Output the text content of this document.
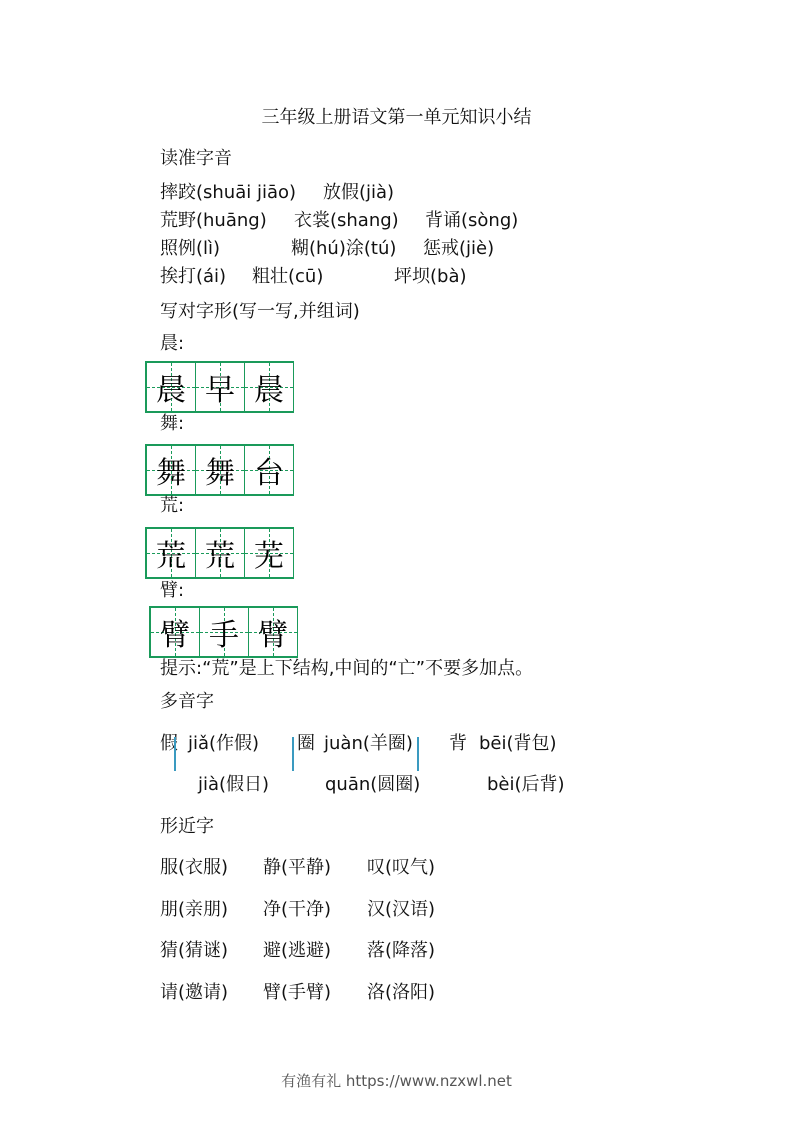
三年级上册语文第一单元知识小结
读准字音
摔跤(shuāi jiāo) 放假(jià)
荒野(huāng) 衣裳(shang) 背诵(sòng)
照例(lì)	糊(hú)涂(tú) 惩戒(jiè)
挨打(ái) 粗壮(cū)	坪坝(bà)
写对字形(写一写,并组词)
晨:
晨 早 晨
舞:
舞 舞 台
荒:
荒 荒 芜
臂:
臂 手 臂
提示:“荒”是上下结构,中间的“亡”不要多加点。
多音字
假 jiǎ(作假)
jià(假日)
圈 juàn(羊圈)
quān(圆圈)
背 bēi(背包)
bèi(后背)
形近字
服(衣服) 静(平静) 叹(叹气)
朋(亲朋) 净(干净) 汉(汉语)
猜(猜谜) 避(逃避) 落(降落)
请(邀请) 臂(手臂) 洛(洛阳)
有渔有礼 https://www.nzxwl.net
